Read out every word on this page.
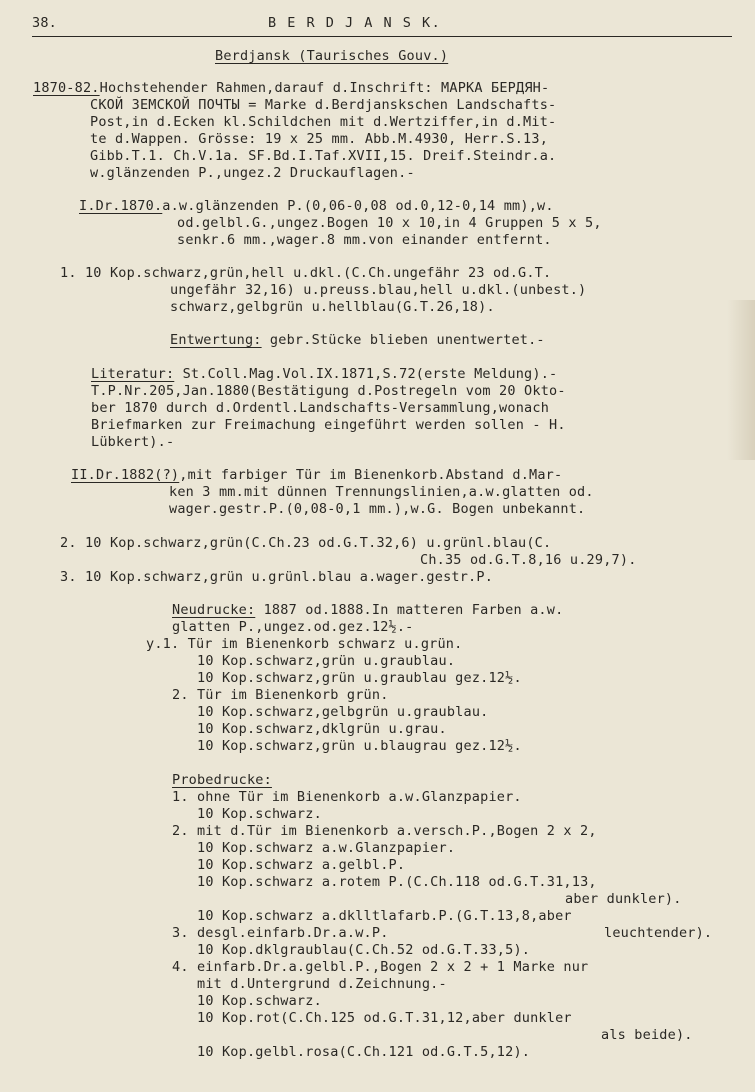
38.	B E R D J A N S K.
Berdjansk (Taurisches Gouv.)
1870-82.Hochstehender Rahmen,darauf d.Inschrift: МАРКА БЕРДЯН-
СКОЙ ЗЕМСКОЙ ПОЧТЫ = Marke d.Berdjanskschen Landschafts-
Post,in d.Ecken kl.Schildchen mit d.Wertziffer,in d.Mit-
te d.Wappen. Grösse: 19 x 25 mm. Abb.M.4930, Herr.S.13,
Gibb.T.1. Ch.V.1a. SF.Bd.I.Taf.XVII,15. Dreif.Steindr.a.
w.glänzenden P.,ungez.2 Druckauflagen.-
I.Dr.1870.a.w.glänzenden P.(0,06-0,08 od.0,12-0,14 mm),w.
od.gelbl.G.,ungez.Bogen 10 x 10,in 4 Gruppen 5 x 5,
senkr.6 mm.,wager.8 mm.von einander entfernt.
1. 10 Kop.schwarz,grün,hell u.dkl.(C.Ch.ungefähr 23 od.G.T.
ungefähr 32,16) u.preuss.blau,hell u.dkl.(unbest.)
schwarz,gelbgrün u.hellblau(G.T.26,18).
Entwertung: gebr.Stücke blieben unentwertet.-
Literatur: St.Coll.Mag.Vol.IX.1871,S.72(erste Meldung).-
T.P.Nr.205,Jan.1880(Bestätigung d.Postregeln vom 20 Okto-
ber 1870 durch d.Ordentl.Landschafts-Versammlung,wonach
Briefmarken zur Freimachung eingeführt werden sollen - H.
Lübkert).-
II.Dr.1882(?),mit farbiger Tür im Bienenkorb.Abstand d.Mar-
ken 3 mm.mit dünnen Trennungslinien,a.w.glatten od.
wager.gestr.P.(0,08-0,1 mm.),w.G. Bogen unbekannt.
2. 10 Kop.schwarz,grün(C.Ch.23 od.G.T.32,6) u.grünl.blau(C.
Ch.35 od.G.T.8,16 u.29,7).
3. 10 Kop.schwarz,grün u.grünl.blau a.wager.gestr.P.
Neudrucke: 1887 od.1888.In matteren Farben a.w.
glatten P.,ungez.od.gez.12½.-
y.1. Tür im Bienenkorb schwarz u.grün.
10 Kop.schwarz,grün u.graublau.
10 Kop.schwarz,grün u.graublau gez.12½.
2. Tür im Bienenkorb grün.
10 Kop.schwarz,gelbgrün u.graublau.
10 Kop.schwarz,dklgrün u.grau.
10 Kop.schwarz,grün u.blaugrau gez.12½.
Probedrucke:
1. ohne Tür im Bienenkorb a.w.Glanzpapier.
10 Kop.schwarz.
2. mit d.Tür im Bienenkorb a.versch.P.,Bogen 2 x 2,
10 Kop.schwarz a.w.Glanzpapier.
10 Kop.schwarz a.gelbl.P.
10 Kop.schwarz a.rotem P.(C.Ch.118 od.G.T.31,13,
aber dunkler).
10 Kop.schwarz a.dklltlafarb.P.(G.T.13,8,aber
3. desgl.einfarb.Dr.a.w.P.	leuchtender).
10 Kop.dklgraublau(C.Ch.52 od.G.T.33,5).
4. einfarb.Dr.a.gelbl.P.,Bogen 2 x 2 + 1 Marke nur
mit d.Untergrund d.Zeichnung.-
10 Kop.schwarz.
10 Kop.rot(C.Ch.125 od.G.T.31,12,aber dunkler
als beide).
10 Kop.gelbl.rosa(C.Ch.121 od.G.T.5,12).
